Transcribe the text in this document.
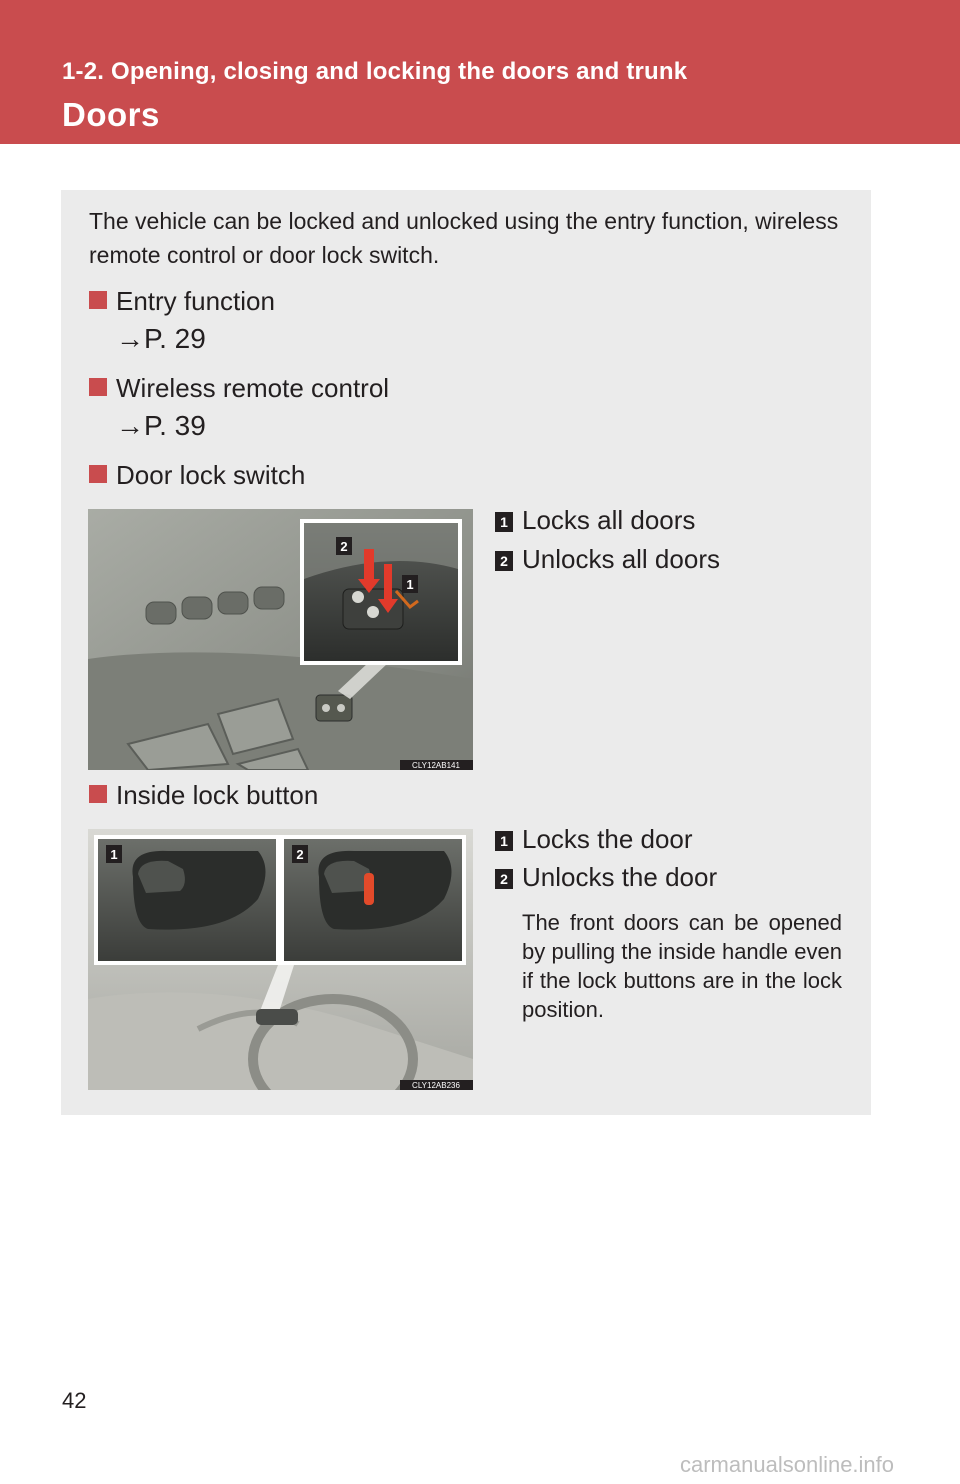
1-2. Opening, closing and locking the doors and trunk
Doors

The vehicle can be locked and unlocked using the entry function, wireless remote control or door lock switch.

Entry function

→P. 29

Wireless remote control

→P. 39

Door lock switch

2
1
CLY12AB141
1 Locks all doors
2 Unlocks all doors

Inside lock button

1	2
CLY12AB236
1 Locks the door
2 Unlocks the door

The front doors can be opened by pulling the inside handle even if the lock buttons are in the lock position.

42
carmanualsonline.info
